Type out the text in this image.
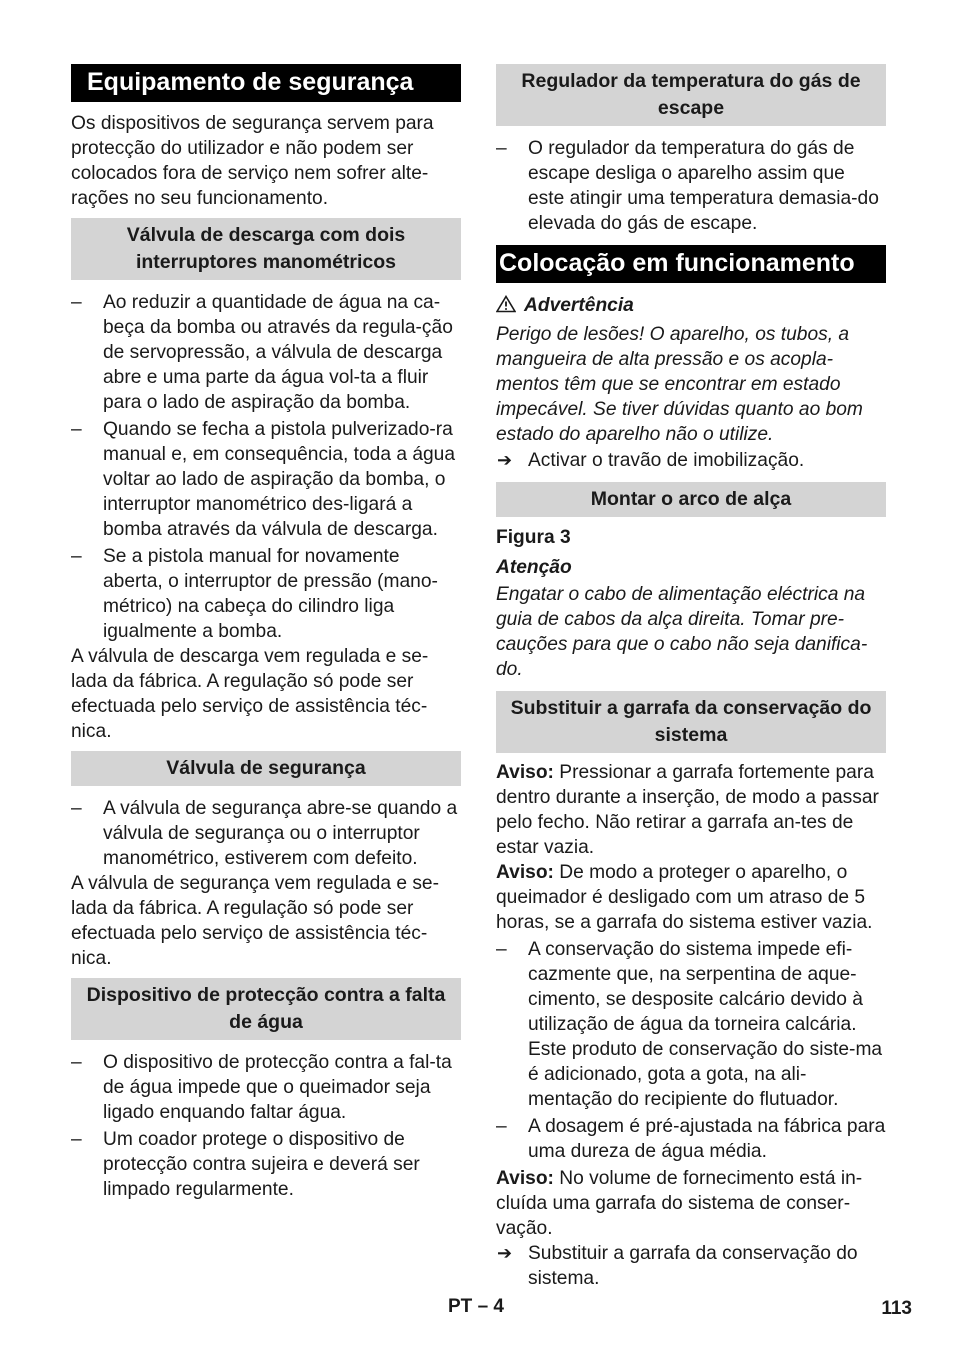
Equipamento de segurança
Os dispositivos de segurança servem para protecção do utilizador e não podem ser colocados fora de serviço nem sofrer alte-rações no seu funcionamento.
Válvula de descarga com dois interruptores manométricos
– Ao reduzir a quantidade de água na ca-beça da bomba ou através da regula-ção de servopressão, a válvula de descarga abre e uma parte da água vol-ta a fluir para o lado de aspiração da bomba.
– Quando se fecha a pistola pulverizado-ra manual e, em consequência, toda a água voltar ao lado de aspiração da bomba, o interruptor manométrico des-ligará a bomba através da válvula de descarga.
– Se a pistola manual for novamente aberta, o interruptor de pressão (mano-métrico) na cabeça do cilindro liga igualmente a bomba.
A válvula de descarga vem regulada e se-lada da fábrica. A regulação só pode ser efectuada pelo serviço de assistência téc-nica.
Válvula de segurança
– A válvula de segurança abre-se quando a válvula de segurança ou o interruptor manométrico, estiverem com defeito.
A válvula de segurança vem regulada e se-lada da fábrica. A regulação só pode ser efectuada pelo serviço de assistência téc-nica.
Dispositivo de protecção contra a falta de água
– O dispositivo de protecção contra a fal-ta de água impede que o queimador seja ligado enquando faltar água.
– Um coador protege o dispositivo de protecção contra sujeira e deverá ser limpado regularmente.
Regulador da temperatura do gás de escape
– O regulador da temperatura do gás de escape desliga o aparelho assim que este atingir uma temperatura demasia-do elevada do gás de escape.
Colocação em funcionamento
Advertência
Perigo de lesões! O aparelho, os tubos, a mangueira de alta pressão e os acopla-mentos têm que se encontrar em estado impecável. Se tiver dúvidas quanto ao bom estado do aparelho não o utilize.
➔ Activar o travão de imobilização.
Montar o arco de alça
Figura 3
Atenção
Engatar o cabo de alimentação eléctrica na guia de cabos da alça direita. Tomar pre-cauções para que o cabo não seja danifica-do.
Substituir a garrafa da conservação do sistema
Aviso: Pressionar a garrafa fortemente para dentro durante a inserção, de modo a passar pelo fecho. Não retirar a garrafa an-tes de estar vazia.
Aviso: De modo a proteger o aparelho, o queimador é desligado com um atraso de 5 horas, se a garrafa do sistema estiver vazia.
– A conservação do sistema impede efi-cazmente que, na serpentina de aque-cimento, se desposite calcário devido à utilização de água da torneira calcária. Este produto de conservação do siste-ma é adicionado, gota a gota, na ali-mentação do recipiente do flutuador.
– A dosagem é pré-ajustada na fábrica para uma dureza de água média.
Aviso: No volume de fornecimento está in-cluída uma garrafa do sistema de conser-vação.
➔ Substituir a garrafa da conservação do sistema.
PT – 4	113
